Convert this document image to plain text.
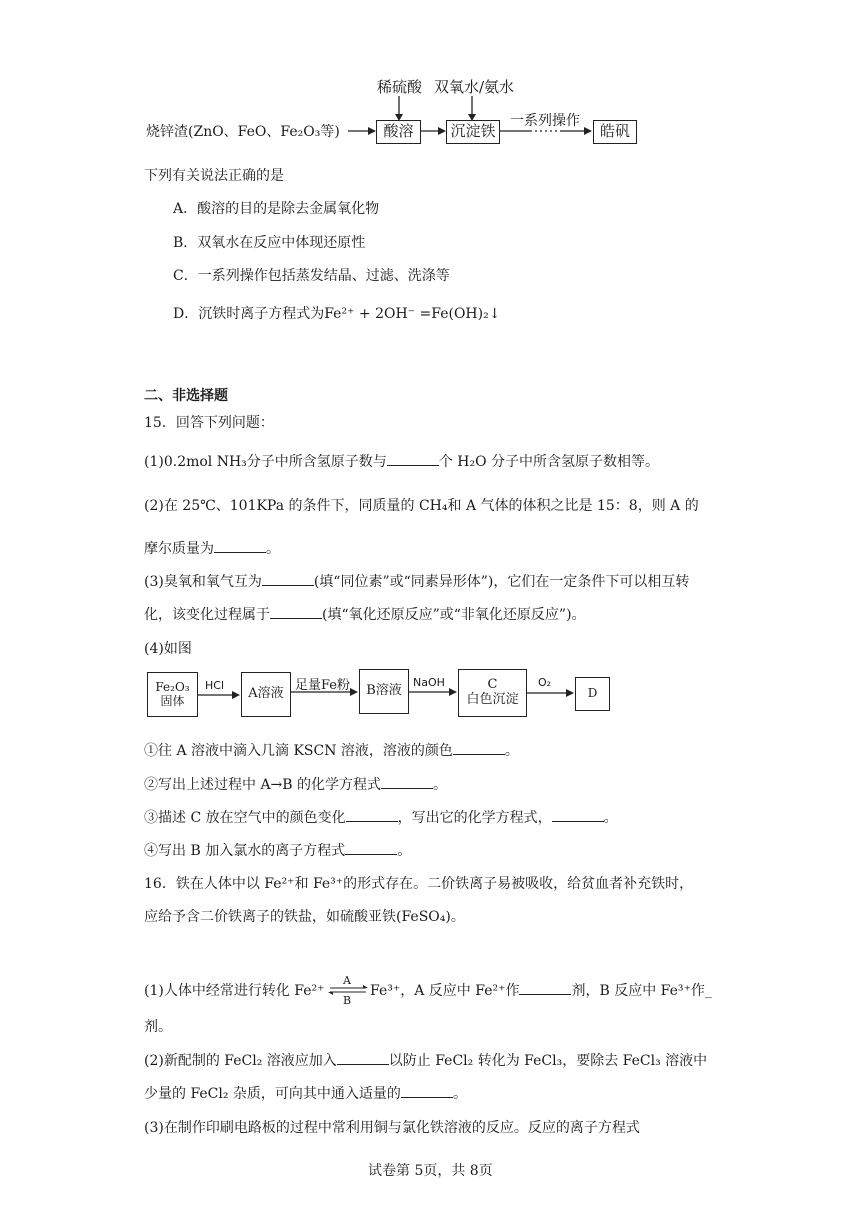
稀硫酸 双氧水/氨水
烧锌渣(ZnO、FeO、Fe₂O₃等)	酸溶	沉淀铁
一系列操作
皓矾
下列有关说法正确的是
A．酸溶的目的是除去金属氧化物
B．双氧水在反应中体现还原性
C．一系列操作包括蒸发结晶、过滤、洗涤等
D．沉铁时离子方程式为Fe²⁺ + 2OH⁻ =Fe(OH)₂↓
二、非选择题
15．回答下列问题：
(1)0.2mol NH₃分子中所含氢原子数与	个 H₂O 分子中所含氢原子数相等。
(2)在 25℃、101KPa 的条件下，同质量的 CH₄和 A 气体的体积之比是 15：8，则 A 的
摩尔质量为	。
(3)臭氧和氧气互为	(填“同位素”或“同素异形体”)，它们在一定条件下可以相互转
化，该变化过程属于	(填“氧化还原反应”或“非氧化还原反应”)。
(4)如图
Fe₂O₃
固体
HCl
A溶液
足量Fe粉	B溶液
NaOH	C
白色沉淀
O₂
D
①往 A 溶液中滴入几滴 KSCN 溶液，溶液的颜色	。
②写出上述过程中 A→B 的化学方程式	。
③描述 C 放在空气中的颜色变化	，写出它的化学方程式，	。
④写出 B 加入氯水的离子方程式	。
16．铁在人体中以 Fe²⁺和 Fe³⁺的形式存在。二价铁离子易被吸收，给贫血者补充铁时，
应给予含二价铁离子的铁盐，如硫酸亚铁(FeSO₄)。
(1)人体中经常进行转化 Fe²⁺
A
B
Fe³⁺，A 反应中 Fe²⁺作	剂，B 反应中 Fe³⁺作_
剂。
(2)新配制的 FeCl₂ 溶液应加入	以防止 FeCl₂ 转化为 FeCl₃，要除去 FeCl₃ 溶液中
少量的 FeCl₂ 杂质，可向其中通入适量的	。
(3)在制作印刷电路板的过程中常利用铜与氯化铁溶液的反应。反应的离子方程式
试卷第 5页，共 8页
